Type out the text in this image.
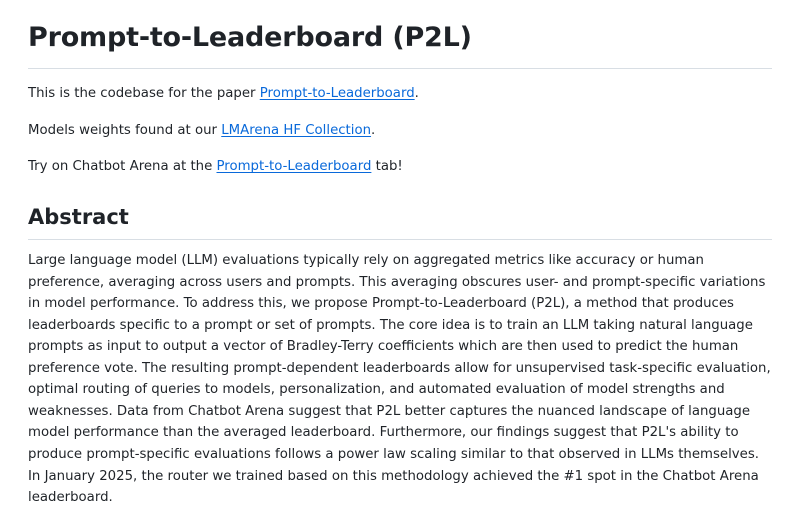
Prompt-to-Leaderboard (P2L)

This is the codebase for the paper Prompt-to-Leaderboard.

Models weights found at our LMArena HF Collection.

Try on Chatbot Arena at the Prompt-to-Leaderboard tab!

Abstract

Large language model (LLM) evaluations typically rely on aggregated metrics like accuracy or human preference, averaging across users and prompts. This averaging obscures user- and prompt-specific variations in model performance. To address this, we propose Prompt-to-Leaderboard (P2L), a method that produces leaderboards specific to a prompt or set of prompts. The core idea is to train an LLM taking natural language prompts as input to output a vector of Bradley-Terry coefficients which are then used to predict the human preference vote. The resulting prompt-dependent leaderboards allow for unsupervised task-specific evaluation, optimal routing of queries to models, personalization, and automated evaluation of model strengths and weaknesses. Data from Chatbot Arena suggest that P2L better captures the nuanced landscape of language model performance than the averaged leaderboard. Furthermore, our findings suggest that P2L's ability to produce prompt-specific evaluations follows a power law scaling similar to that observed in LLMs themselves. In January 2025, the router we trained based on this methodology achieved the #1 spot in the Chatbot Arena leaderboard.
